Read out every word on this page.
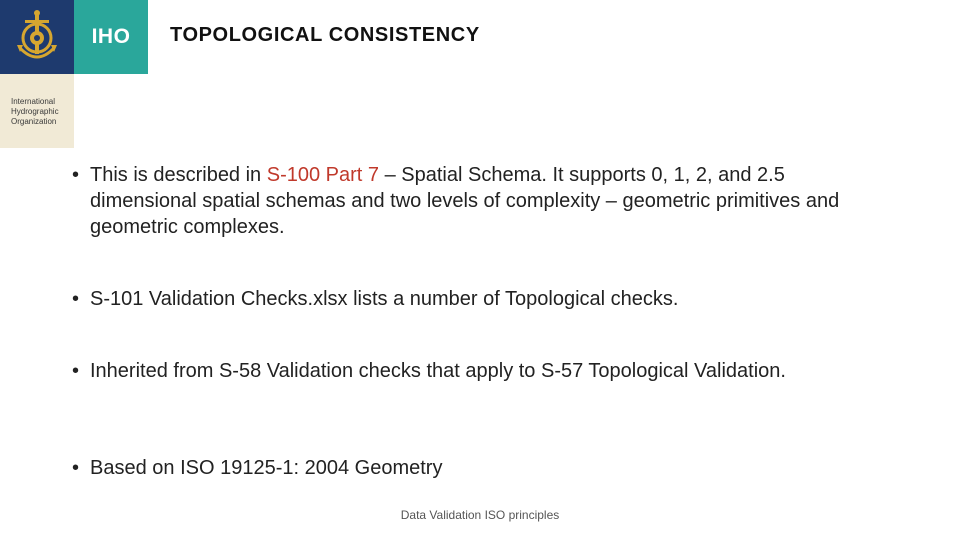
International
Hydrographic
Organization
IHO TOPOLOGICAL CONSISTENCY
• This is described in S-100 Part 7 – Spatial Schema. It supports 0, 1, 2, and 2.5 dimensional spatial schemas and two levels of complexity – geometric primitives and geometric complexes.
• S-101 Validation Checks.xlsx lists a number of Topological checks.
• Inherited from S-58 Validation checks that apply to S-57 Topological Validation.
• Based on ISO 19125-1: 2004 Geometry
Data Validation ISO principles
